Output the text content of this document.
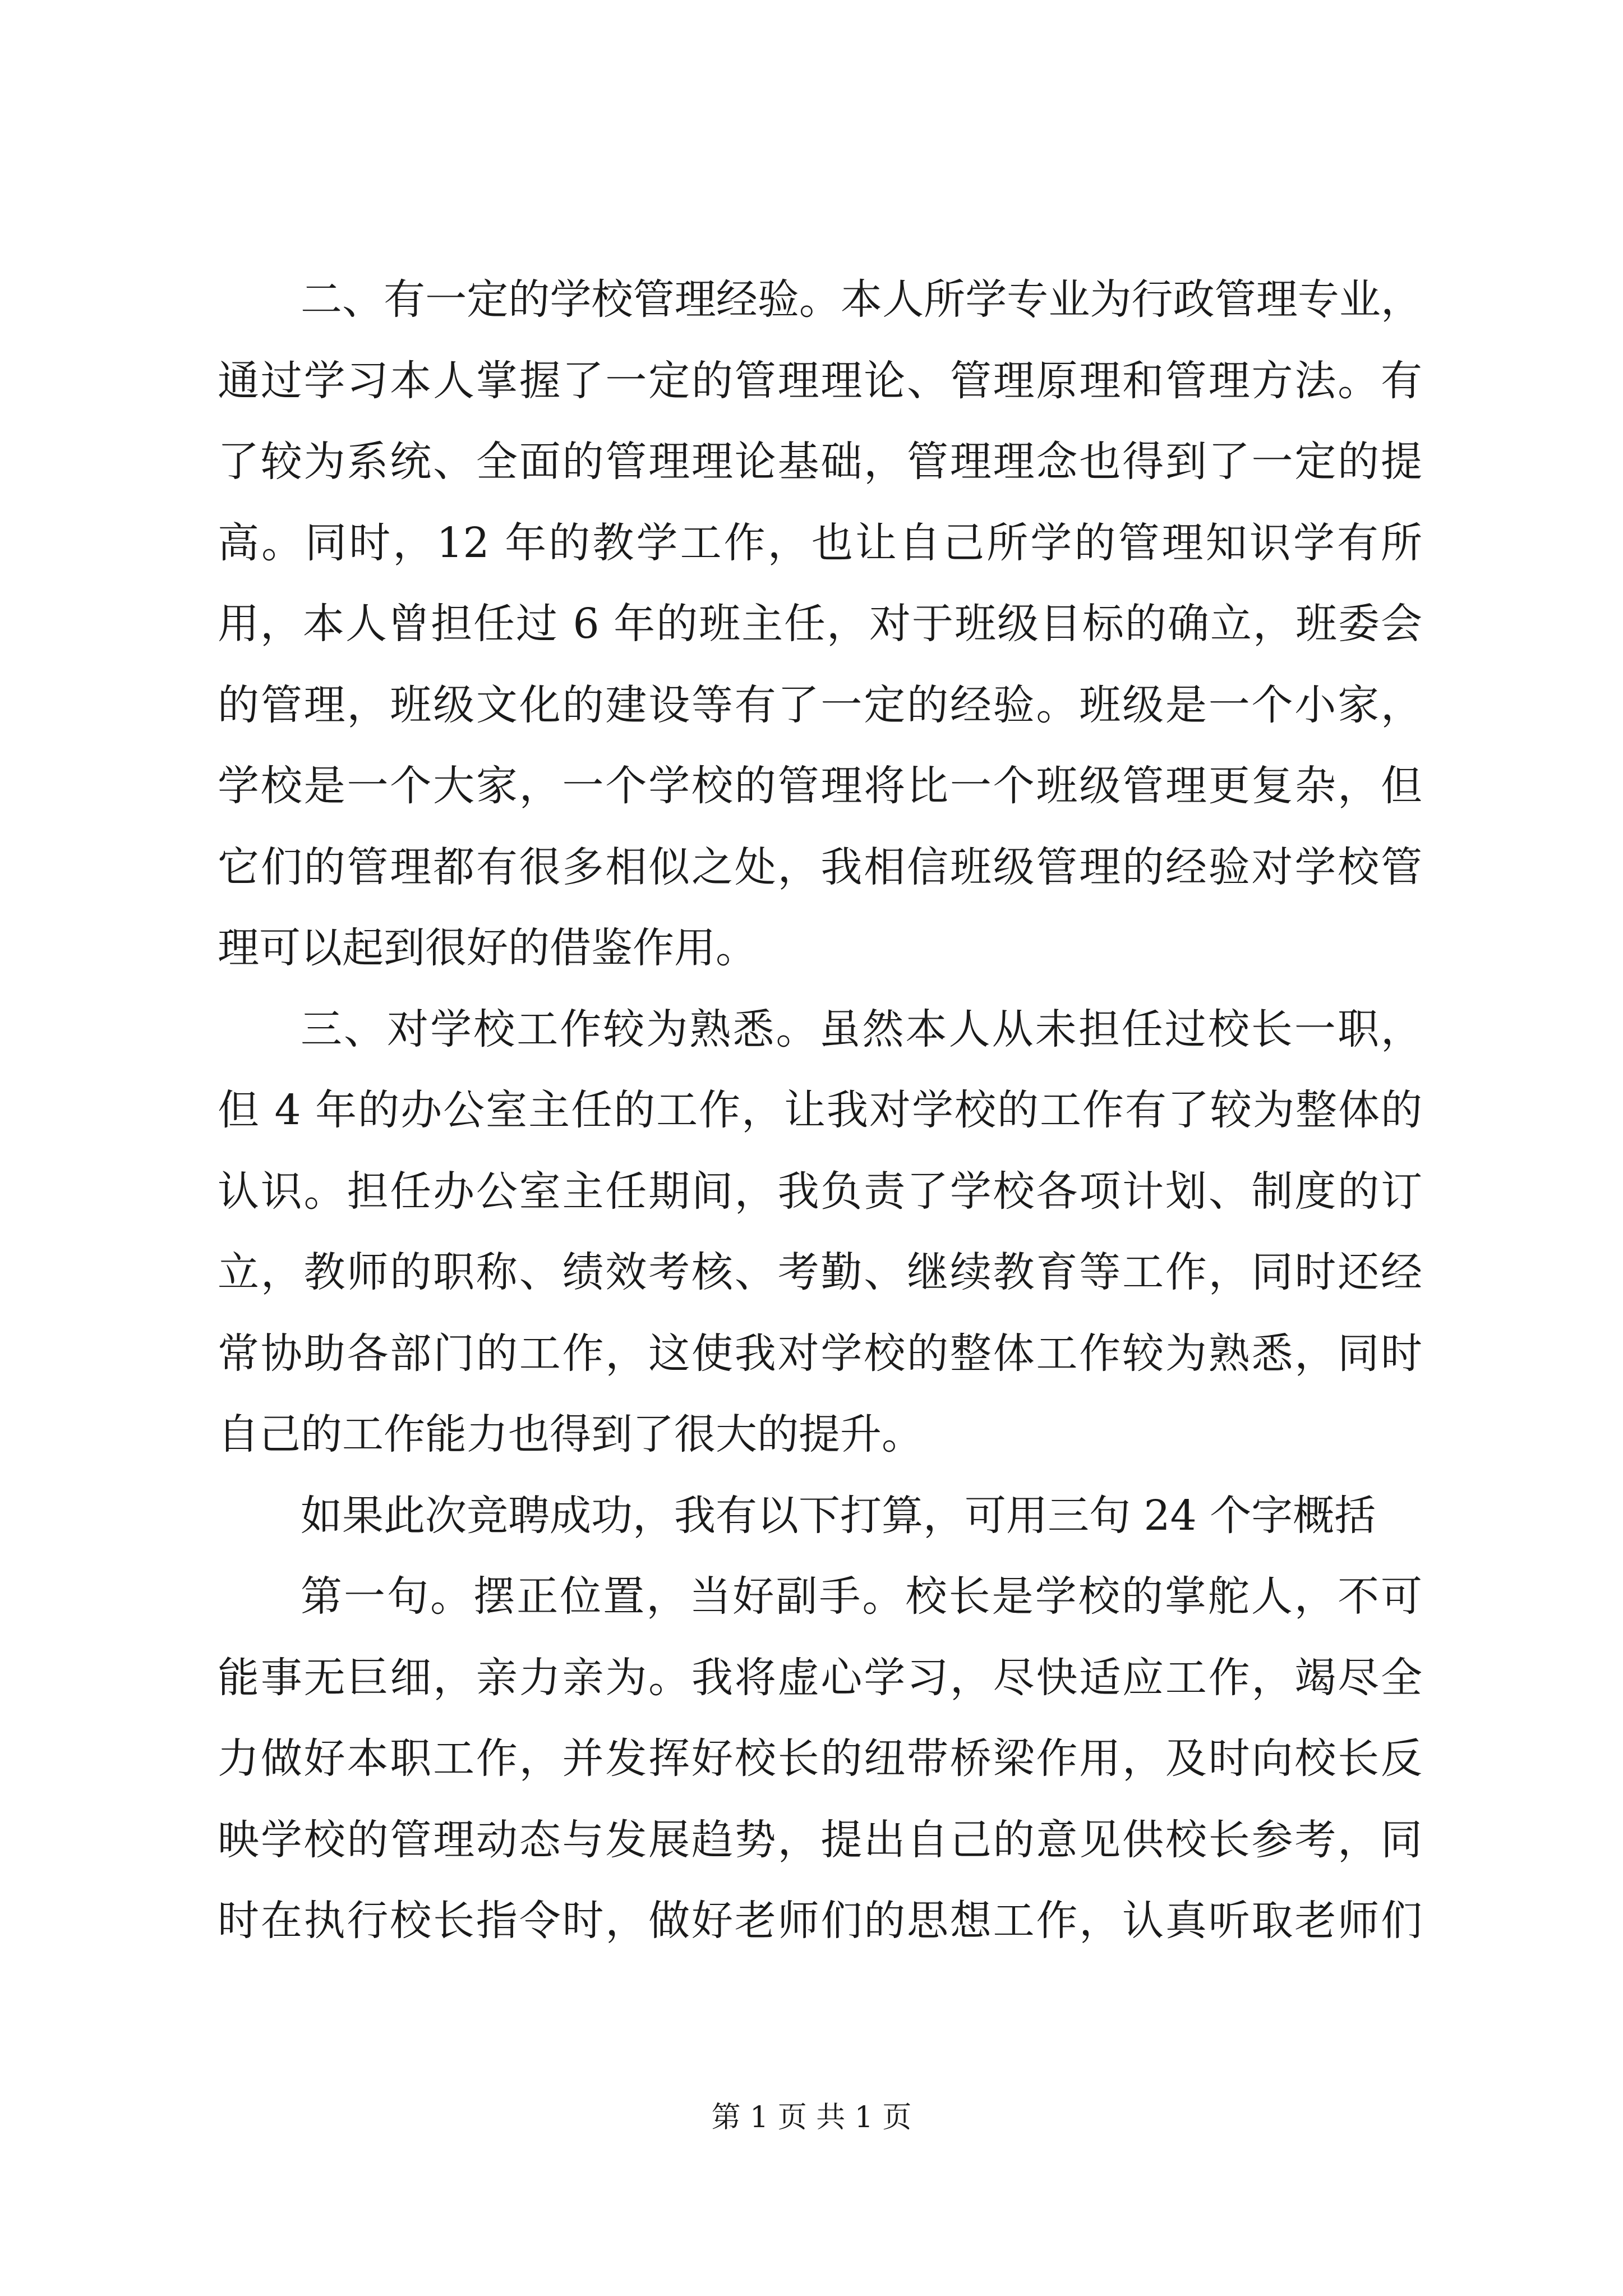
二、有一定的学校管理经验。本人所学专业为行政管理专业，
通过学习本人掌握了一定的管理理论、管理原理和管理方法。有
了较为系统、全面的管理理论基础，管理理念也得到了一定的提
高。同时，12 年的教学工作，也让自己所学的管理知识学有所
用，本人曾担任过 6 年的班主任，对于班级目标的确立，班委会
的管理，班级文化的建设等有了一定的经验。班级是一个小家，
学校是一个大家，一个学校的管理将比一个班级管理更复杂，但
它们的管理都有很多相似之处，我相信班级管理的经验对学校管
理可以起到很好的借鉴作用。
三、对学校工作较为熟悉。虽然本人从未担任过校长一职，
但 4 年的办公室主任的工作，让我对学校的工作有了较为整体的
认识。担任办公室主任期间，我负责了学校各项计划、制度的订
立，教师的职称、绩效考核、考勤、继续教育等工作，同时还经
常协助各部门的工作，这使我对学校的整体工作较为熟悉，同时
自己的工作能力也得到了很大的提升。
如果此次竞聘成功，我有以下打算，可用三句 24 个字概括
第一句。摆正位置，当好副手。校长是学校的掌舵人，不可
能事无巨细，亲力亲为。我将虚心学习，尽快适应工作，竭尽全
力做好本职工作，并发挥好校长的纽带桥梁作用，及时向校长反
映学校的管理动态与发展趋势，提出自己的意见供校长参考，同
时在执行校长指令时，做好老师们的思想工作，认真听取老师们
第 1 页 共 1 页
